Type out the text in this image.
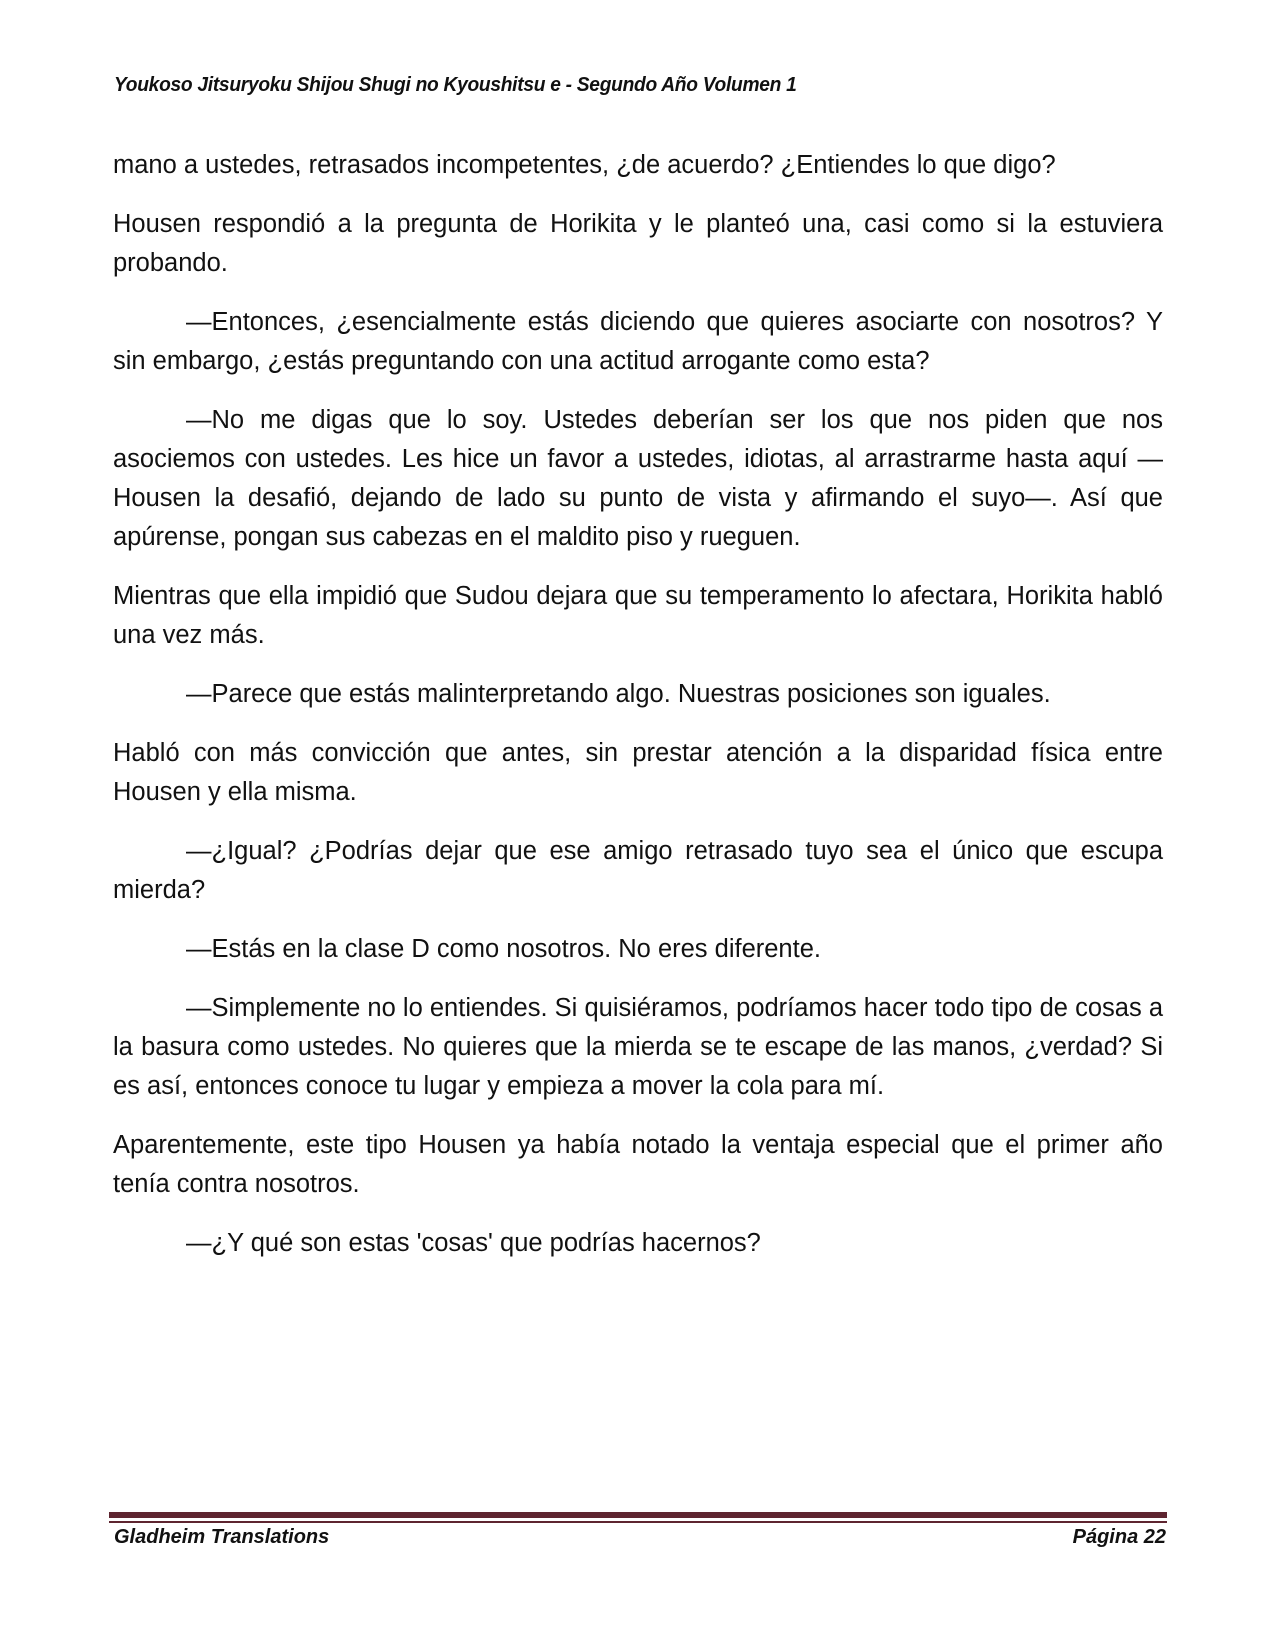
Youkoso Jitsuryoku Shijou Shugi no Kyoushitsu e - Segundo Año Volumen 1

mano a ustedes, retrasados incompetentes, ¿de acuerdo? ¿Entiendes lo que digo?

Housen respondió a la pregunta de Horikita y le planteó una, casi como si la estuviera probando.

—Entonces, ¿esencialmente estás diciendo que quieres asociarte con nosotros? Y sin embargo, ¿estás preguntando con una actitud arrogante como esta?

—No me digas que lo soy. Ustedes deberían ser los que nos piden que nos asociemos con ustedes. Les hice un favor a ustedes, idiotas, al arrastrarme hasta aquí —Housen la desafió, dejando de lado su punto de vista y afirmando el suyo—. Así que apúrense, pongan sus cabezas en el maldito piso y rueguen.

Mientras que ella impidió que Sudou dejara que su temperamento lo afectara, Horikita habló una vez más.

—Parece que estás malinterpretando algo. Nuestras posiciones son iguales.

Habló con más convicción que antes, sin prestar atención a la disparidad física entre Housen y ella misma.

—¿Igual? ¿Podrías dejar que ese amigo retrasado tuyo sea el único que escupa mierda?

—Estás en la clase D como nosotros. No eres diferente.

—Simplemente no lo entiendes. Si quisiéramos, podríamos hacer todo tipo de cosas a la basura como ustedes. No quieres que la mierda se te escape de las manos, ¿verdad? Si es así, entonces conoce tu lugar y empieza a mover la cola para mí.

Aparentemente, este tipo Housen ya había notado la ventaja especial que el primer año tenía contra nosotros.

—¿Y qué son estas 'cosas' que podrías hacernos?

Gladheim Translations	Página 22
